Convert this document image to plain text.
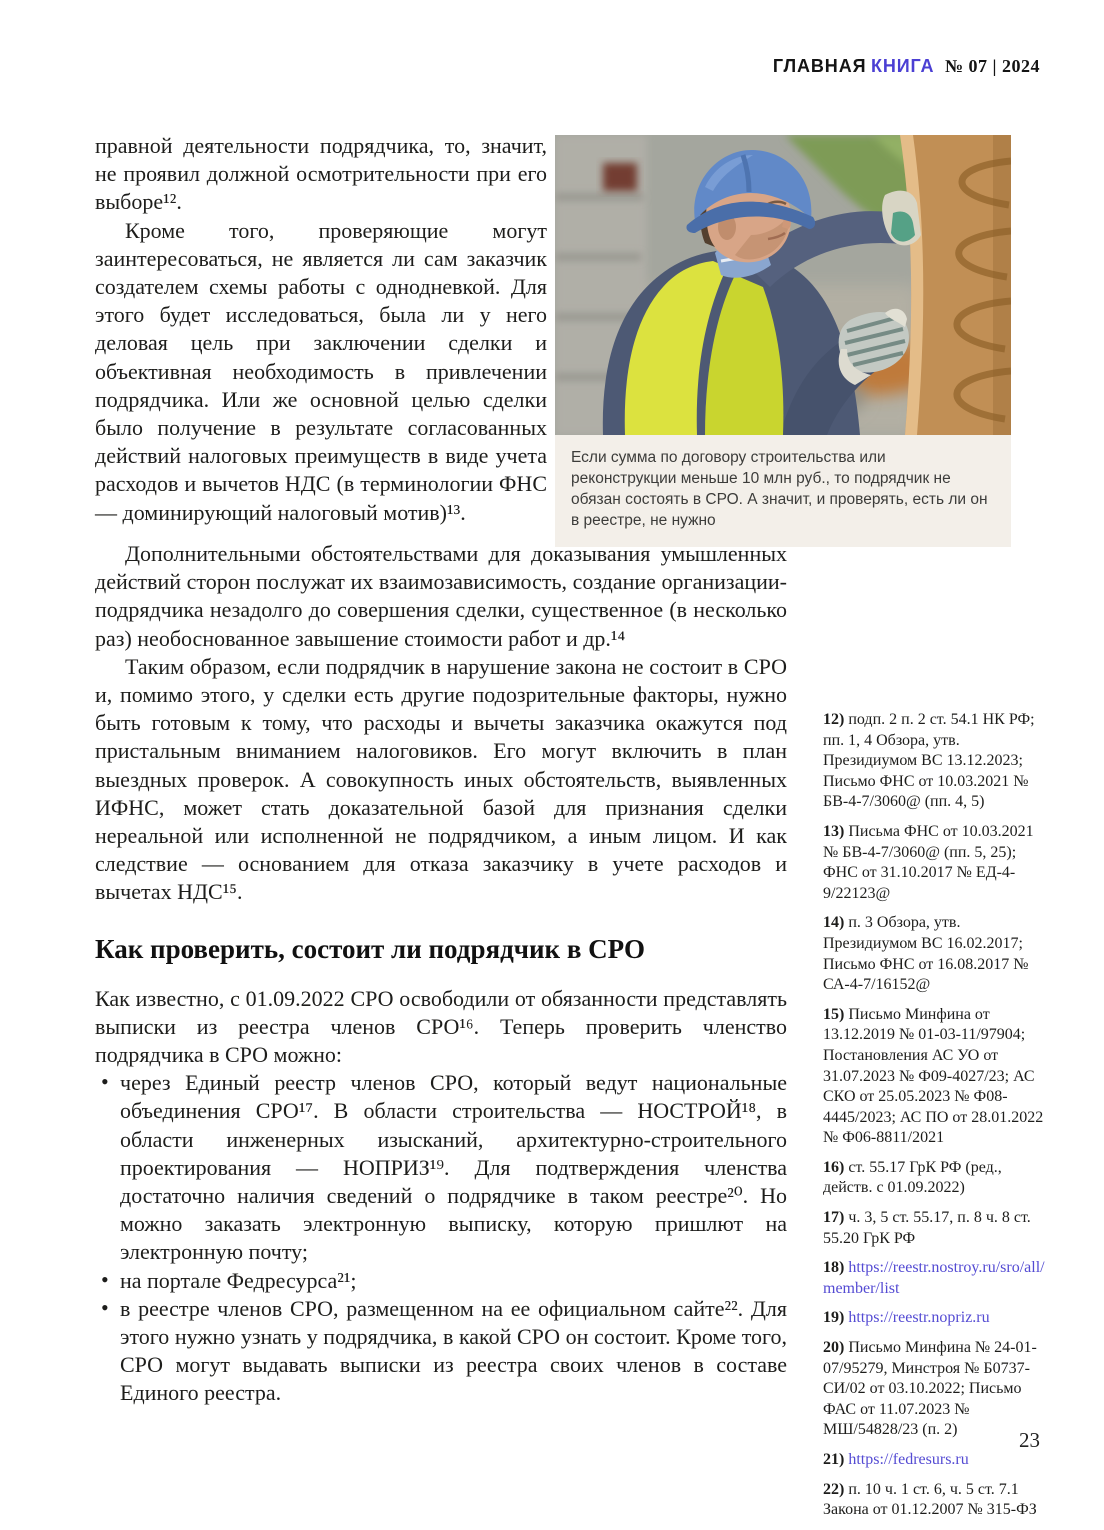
ГЛАВНАЯ КНИГА № 07 | 2024

правной деятельности подрядчика, то, значит, не проявил должной осмотрительности при его выборе¹².

Кроме того, проверяющие могут заинтересоваться, не является ли сам заказчик создателем схемы работы с однодневкой. Для этого будет исследоваться, была ли у него деловая цель при заключении сделки и объективная необходимость в привлечении подрядчика. Или же основной целью сделки было получение в результате согласованных действий налоговых преимуществ в виде учета расходов и вычетов НДС (в терминологии ФНС — доминирующий налоговый мотив)¹³.

Если сумма по договору строительства или реконструкции меньше 10 млн руб., то подрядчик не обязан состоять в СРО. А значит, и проверять, есть ли он в реестре, не нужно

Дополнительными обстоятельствами для доказывания умышленных действий сторон послужат их взаимозависимость, создание организации-подрядчика незадолго до совершения сделки, существенное (в несколько раз) необоснованное завышение стоимости работ и др.¹⁴

Таким образом, если подрядчик в нарушение закона не состоит в СРО и, помимо этого, у сделки есть другие подозрительные факторы, нужно быть готовым к тому, что расходы и вычеты заказчика окажутся под пристальным вниманием налоговиков. Его могут включить в план выездных проверок. А совокупность иных обстоятельств, выявленных ИФНС, может стать доказательной базой для признания сделки нереальной или исполненной не подрядчиком, а иным лицом. И как следствие — основанием для отказа заказчику в учете расходов и вычетах НДС¹⁵.

Как проверить, состоит ли подрядчик в СРО

Как известно, с 01.09.2022 СРО освободили от обязанности представлять выписки из реестра членов СРО¹⁶. Теперь проверить членство подрядчика в СРО можно:

• через Единый реестр членов СРО, который ведут национальные объединения СРО¹⁷. В области строительства — НОСТРОЙ¹⁸, в области инженерных изысканий, архитектурно-строительного проектирования — НОПРИЗ¹⁹. Для подтверждения членства достаточно наличия сведений о подрядчике в таком реестре²⁰. Но можно заказать электронную выписку, которую пришлют на электронную почту;
• на портале Федресурса²¹;
• в реестре членов СРО, размещенном на ее официальном сайте²². Для этого нужно узнать у подрядчика, в какой СРО он состоит. Кроме того, СРО могут выдавать выписки из реестра своих членов в составе Единого реестра.

12) подп. 2 п. 2 ст. 54.1 НК РФ; пп. 1, 4 Обзора, утв. Президиумом ВС 13.12.2023; Письмо ФНС от 10.03.2021 № БВ-4-7/3060@ (пп. 4, 5)

13) Письма ФНС от 10.03.2021 № БВ-4-7/3060@ (пп. 5, 25); ФНС от 31.10.2017 № ЕД-4-9/22123@

14) п. 3 Обзора, утв. Президиумом ВС 16.02.2017; Письмо ФНС от 16.08.2017 № СА-4-7/16152@

15) Письмо Минфина от 13.12.2019 № 01-03-11/97904; Постановления АС УО от 31.07.2023 № Ф09-4027/23; АС СКО от 25.05.2023 № Ф08-4445/2023; АС ПО от 28.01.2022 № Ф06-8811/2021

16) ст. 55.17 ГрК РФ (ред., действ. с 01.09.2022)

17) ч. 3, 5 ст. 55.17, п. 8 ч. 8 ст. 55.20 ГрК РФ

18) https://reestr.nostroy.ru/sro/all/member/list

19) https://reestr.nopriz.ru

20) Письмо Минфина № 24-01-07/95279, Минстроя № Б0737-СИ/02 от 03.10.2022; Письмо ФАС от 11.07.2023 № МШ/54828/23 (п. 2)

21) https://fedresurs.ru

22) п. 10 ч. 1 ст. 6, ч. 5 ст. 7.1 Закона от 01.12.2007 № 315-ФЗ

23
